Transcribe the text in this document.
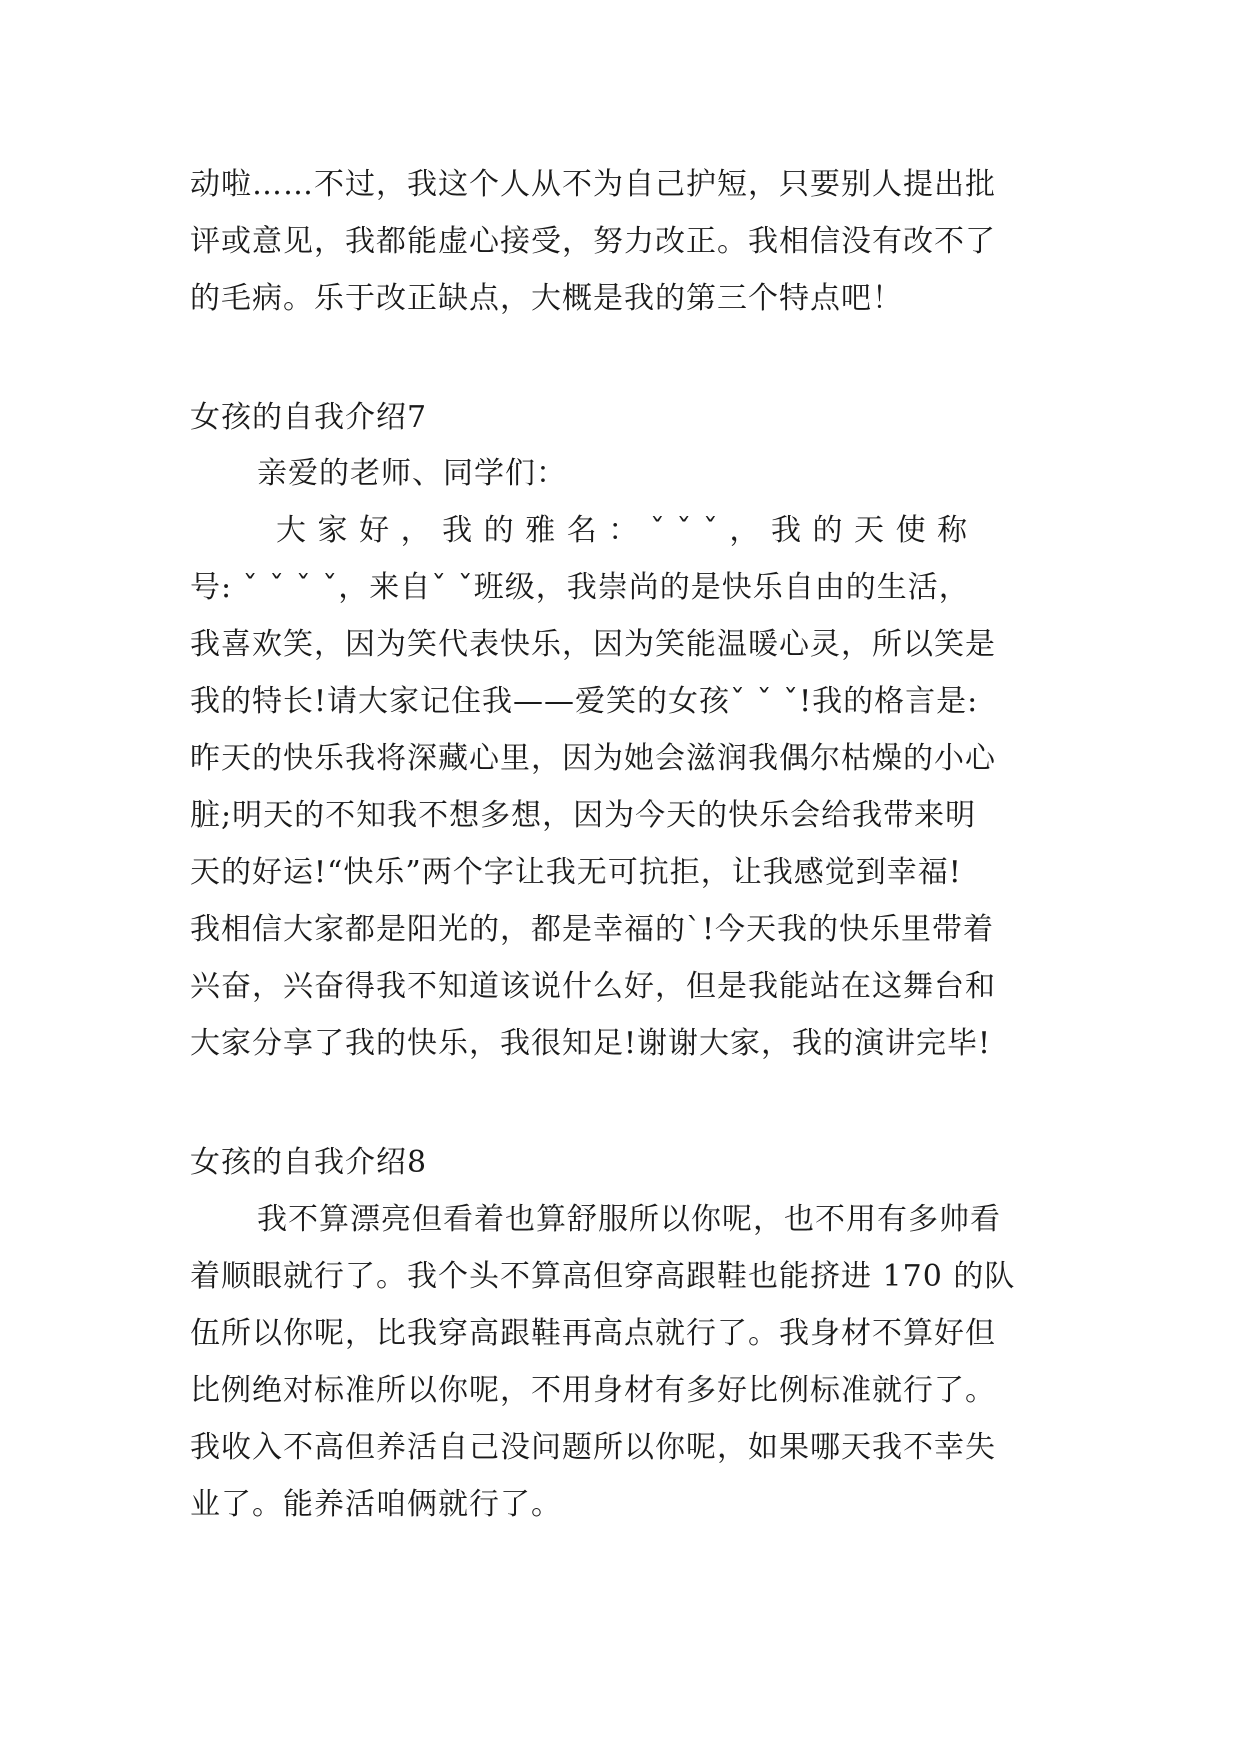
动啦……不过，我这个人从不为自己护短，只要别人提出批
评或意见，我都能虚心接受，努力改正。我相信没有改不了
的毛病。乐于改正缺点，大概是我的第三个特点吧！
女孩的自我介绍7
亲爱的老师、同学们：
大 家 好 ， 我 的 雅 名 ： ˇ ˇ ˇ ， 我 的 天 使 称
号: ˇ ˇ ˇ ˇ，来自ˇ ˇ班级，我崇尚的是快乐自由的生活，
我喜欢笑，因为笑代表快乐，因为笑能温暖心灵，所以笑是
我的特长!请大家记住我——爱笑的女孩ˇ ˇ ˇ!我的格言是:
昨天的快乐我将深藏心里，因为她会滋润我偶尔枯燥的小心
脏;明天的不知我不想多想，因为今天的快乐会给我带来明
天的好运!“快乐”两个字让我无可抗拒，让我感觉到幸福!
我相信大家都是阳光的，都是幸福的`!今天我的快乐里带着
兴奋，兴奋得我不知道该说什么好，但是我能站在这舞台和
大家分享了我的快乐，我很知足!谢谢大家，我的演讲完毕!
女孩的自我介绍8
我不算漂亮但看着也算舒服所以你呢，也不用有多帅看
着顺眼就行了。我个头不算高但穿高跟鞋也能挤进 170 的队
伍所以你呢，比我穿高跟鞋再高点就行了。我身材不算好但
比例绝对标准所以你呢，不用身材有多好比例标准就行了。
我收入不高但养活自己没问题所以你呢，如果哪天我不幸失
业了。能养活咱俩就行了。
